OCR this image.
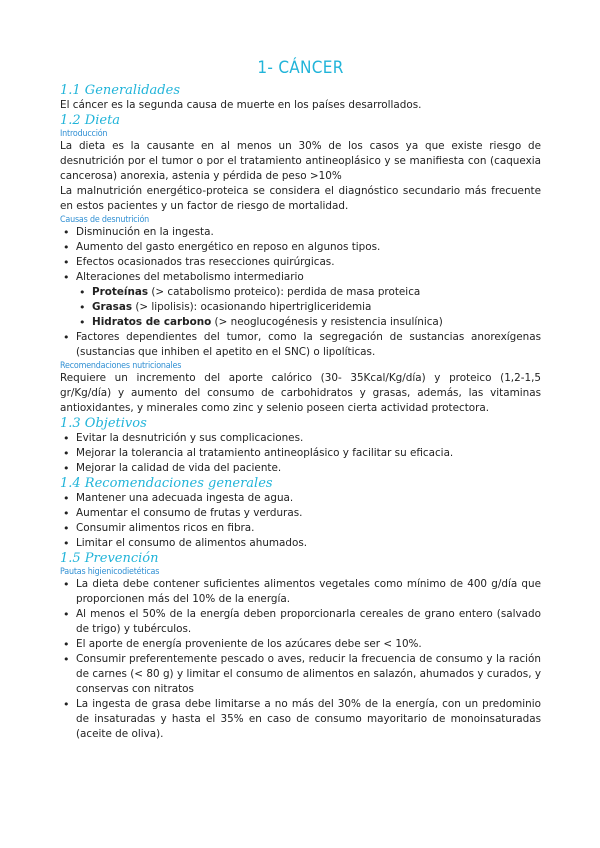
1- CÁNCER
1.1 Generalidades

El cáncer es la segunda causa de muerte en los países desarrollados.

1.2 Dieta
Introducción

La dieta es la causante en al menos un 30% de los casos ya que existe riesgo de desnutrición por el tumor o por el tratamiento antineoplásico y se manifiesta con (caquexia cancerosa) anorexia, astenia y pérdida de peso >10%

La malnutrición energético-proteica se considera el diagnóstico secundario más frecuente en estos pacientes y un factor de riesgo de mortalidad.

Causas de desnutrición
• Disminución en la ingesta.
• Aumento del gasto energético en reposo en algunos tipos.
• Efectos ocasionados tras resecciones quirúrgicas.
• Alteraciones del metabolismo intermediario
• Proteínas (> catabolismo proteico): perdida de masa proteica
• Grasas (> lipolisis): ocasionando hipertrigliceridemia
• Hidratos de carbono (> neoglucogénesis y resistencia insulínica)
• Factores dependientes del tumor, como la segregación de sustancias anorexígenas (sustancias que inhiben el apetito en el SNC) o lipolíticas.
Recomendaciones nutricionales

Requiere un incremento del aporte calórico (30- 35Kcal/Kg/día) y proteico (1,2-1,5 gr/Kg/día) y aumento del consumo de carbohidratos y grasas, además, las vitaminas antioxidantes, y minerales como zinc y selenio poseen cierta actividad protectora.

1.3 Objetivos
• Evitar la desnutrición y sus complicaciones.
• Mejorar la tolerancia al tratamiento antineoplásico y facilitar su eficacia.
• Mejorar la calidad de vida del paciente.
1.4 Recomendaciones generales
• Mantener una adecuada ingesta de agua.
• Aumentar el consumo de frutas y verduras.
• Consumir alimentos ricos en fibra.
• Limitar el consumo de alimentos ahumados.
1.5 Prevención
Pautas higienicodietéticas
• La dieta debe contener suficientes alimentos vegetales como mínimo de 400 g/día que proporcionen más del 10% de la energía.
• Al menos el 50% de la energía deben proporcionarla cereales de grano entero (salvado de trigo) y tubérculos.
• El aporte de energía proveniente de los azúcares debe ser < 10%.
• Consumir preferentemente pescado o aves, reducir la frecuencia de consumo y la ración de carnes (< 80 g) y limitar el consumo de alimentos en salazón, ahumados y curados, y conservas con nitratos
• La ingesta de grasa debe limitarse a no más del 30% de la energía, con un predominio de insaturadas y hasta el 35% en caso de consumo mayoritario de monoinsaturadas (aceite de oliva).
